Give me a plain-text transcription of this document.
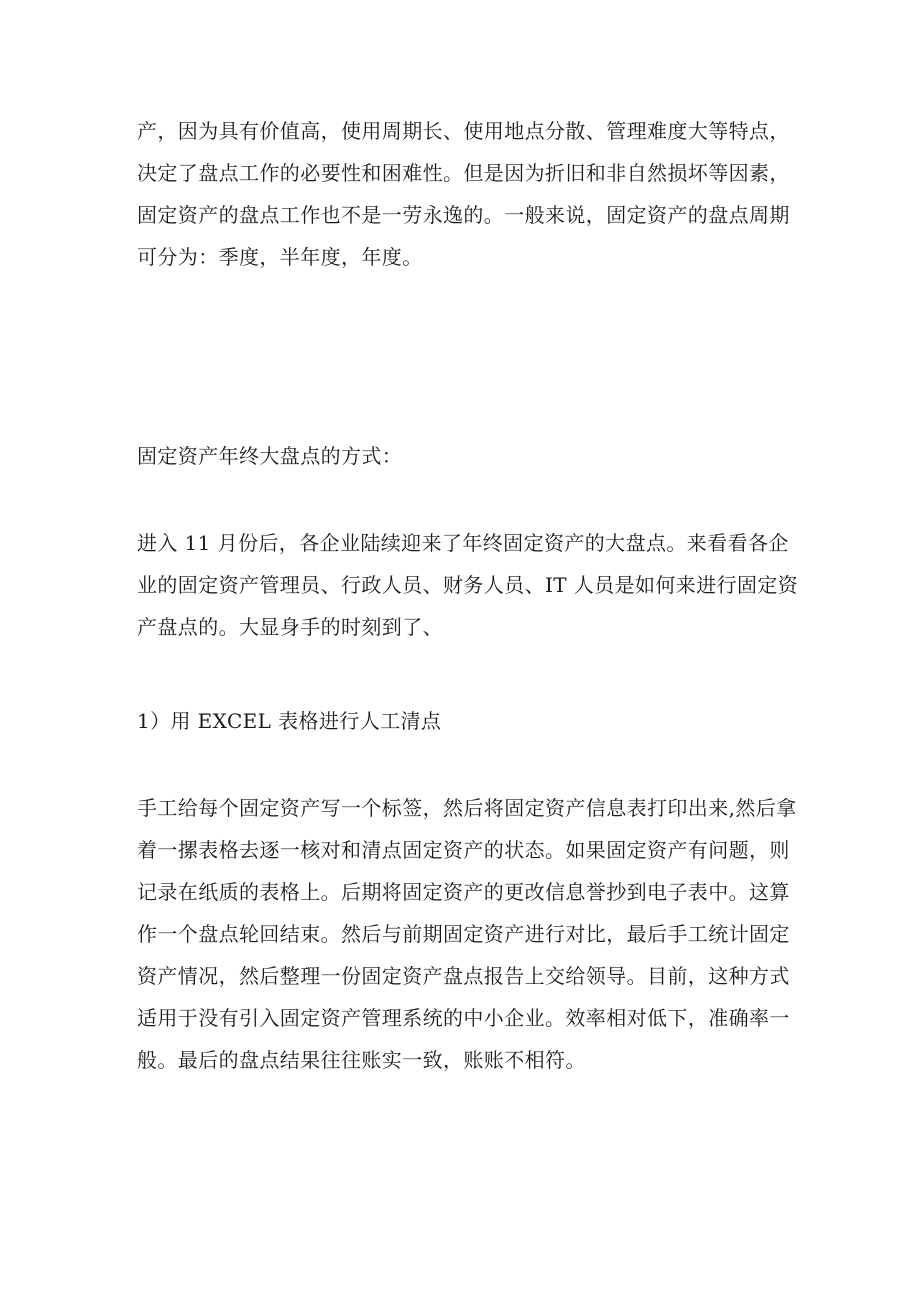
产，因为具有价值高，使用周期长、使用地点分散、管理难度大等特点，
决定了盘点工作的必要性和困难性。但是因为折旧和非自然损坏等因素，
固定资产的盘点工作也不是一劳永逸的。一般来说，固定资产的盘点周期
可分为：季度，半年度，年度。

固定资产年终大盘点的方式：

进入 11 月份后，各企业陆续迎来了年终固定资产的大盘点。来看看各企
业的固定资产管理员、行政人员、财务人员、IT 人员是如何来进行固定资
产盘点的。大显身手的时刻到了、

1）用 EXCEL 表格进行人工清点

手工给每个固定资产写一个标签，然后将固定资产信息表打印出来,然后拿
着一摞表格去逐一核对和清点固定资产的状态。如果固定资产有问题，则
记录在纸质的表格上。后期将固定资产的更改信息誉抄到电子表中。这算
作一个盘点轮回结束。然后与前期固定资产进行对比，最后手工统计固定
资产情况，然后整理一份固定资产盘点报告上交给领导。目前，这种方式
适用于没有引入固定资产管理系统的中小企业。效率相对低下，准确率一
般。最后的盘点结果往往账实一致，账账不相符。
